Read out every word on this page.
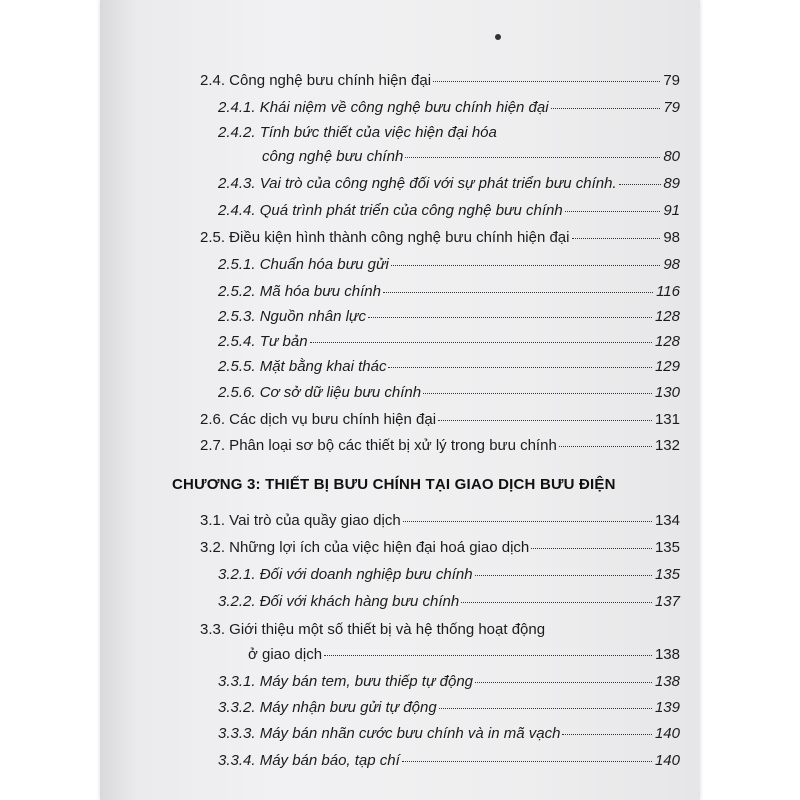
2.4. Công nghệ bưu chính hiện đại	79
2.4.1. Khái niệm về công nghệ bưu chính hiện đại	79
2.4.2. Tính bức thiết của việc hiện đại hóa
công nghệ bưu chính	80
2.4.3. Vai trò của công nghệ đối với sự phát triển bưu chính.	89
2.4.4. Quá trình phát triển của công nghệ bưu chính	91
2.5. Điều kiện hình thành công nghệ bưu chính hiện đại	98
2.5.1. Chuẩn hóa bưu gửi	98
2.5.2. Mã hóa bưu chính	116
2.5.3. Nguồn nhân lực	128
2.5.4. Tư bản	128
2.5.5. Mặt bằng khai thác	129
2.5.6. Cơ sở dữ liệu bưu chính	130
2.6. Các dịch vụ bưu chính hiện đại	131
2.7. Phân loại sơ bộ các thiết bị xử lý trong bưu chính	132
CHƯƠNG 3: THIẾT BỊ BƯU CHÍNH TẠI GIAO DỊCH BƯU ĐIỆN
3.1. Vai trò của quầy giao dịch	134
3.2. Những lợi ích của việc hiện đại hoá giao dịch	135
3.2.1. Đối với doanh nghiệp bưu chính	135
3.2.2. Đối với khách hàng bưu chính	137
3.3. Giới thiệu một số thiết bị và hệ thống hoạt động
ở giao dịch	138
3.3.1. Máy bán tem, bưu thiếp tự động	138
3.3.2. Máy nhận bưu gửi tự động	139
3.3.3. Máy bán nhãn cước bưu chính và in mã vạch	140
3.3.4. Máy bán báo, tạp chí	140
